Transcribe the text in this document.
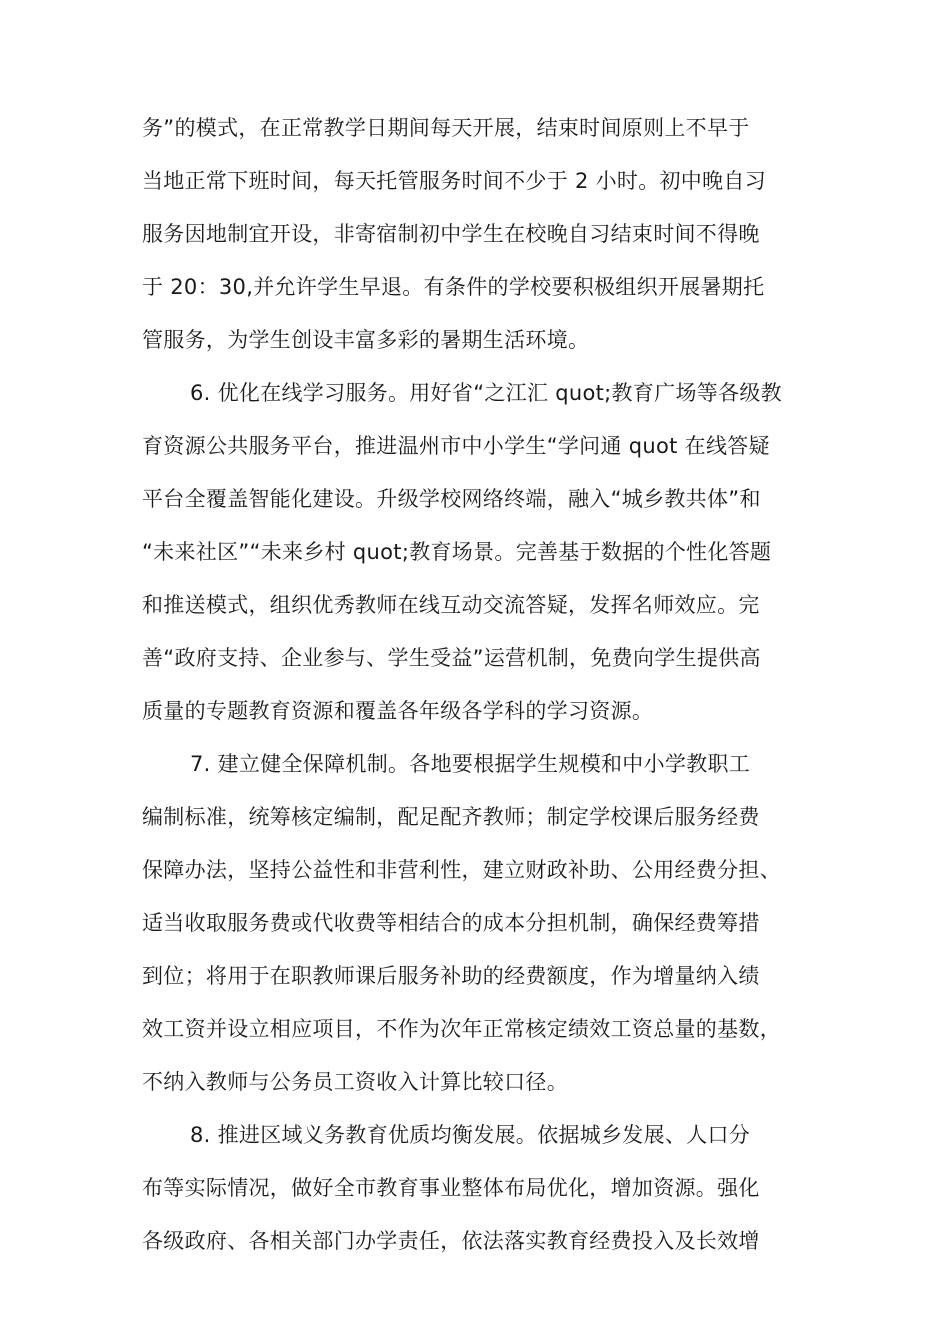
务”的模式，在正常教学日期间每天开展，结束时间原则上不早于
当地正常下班时间，每天托管服务时间不少于 2 小时。初中晚自习
服务因地制宜开设，非寄宿制初中学生在校晚自习结束时间不得晚
于 20：30,并允许学生早退。有条件的学校要积极组织开展暑期托
管服务，为学生创设丰富多彩的暑期生活环境。
6. 优化在线学习服务。用好省“之江汇 quot;教育广场等各级教
育资源公共服务平台，推进温州市中小学生“学问通 quot 在线答疑
平台全覆盖智能化建设。升级学校网络终端，融入“城乡教共体”和
“未来社区”“未来乡村 quot;教育场景。完善基于数据的个性化答题
和推送模式，组织优秀教师在线互动交流答疑，发挥名师效应。完
善“政府支持、企业参与、学生受益”运营机制，免费向学生提供高
质量的专题教育资源和覆盖各年级各学科的学习资源。
7. 建立健全保障机制。各地要根据学生规模和中小学教职工
编制标准，统筹核定编制，配足配齐教师；制定学校课后服务经费
保障办法，坚持公益性和非营利性，建立财政补助、公用经费分担、
适当收取服务费或代收费等相结合的成本分担机制，确保经费筹措
到位；将用于在职教师课后服务补助的经费额度，作为增量纳入绩
效工资并设立相应项目，不作为次年正常核定绩效工资总量的基数，
不纳入教师与公务员工资收入计算比较口径。
8. 推进区域义务教育优质均衡发展。依据城乡发展、人口分
布等实际情况，做好全市教育事业整体布局优化，增加资源。强化
各级政府、各相关部门办学责任，依法落实教育经费投入及长效增
